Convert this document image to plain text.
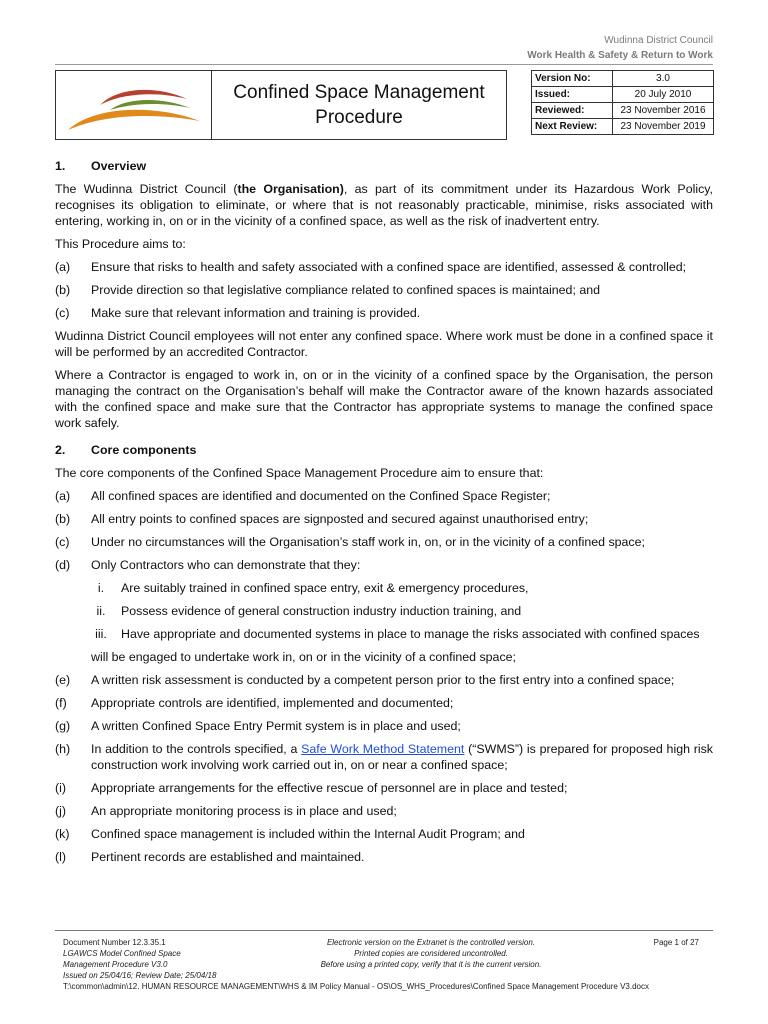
Wudinna District Council
Work Health & Safety & Return to Work
Confined Space Management
Procedure
Version No:	3.0
Issued:	20 July 2010
Reviewed:	23 November 2016
Next Review:	23 November 2019
1.	Overview

The Wudinna District Council (the Organisation), as part of its commitment under its Hazardous Work Policy, recognises its obligation to eliminate, or where that is not reasonably practicable, minimise, risks associated with entering, working in, on or in the vicinity of a confined space, as well as the risk of inadvertent entry.

This Procedure aims to:

(a)	Ensure that risks to health and safety associated with a confined space are identified, assessed & controlled;
(b)	Provide direction so that legislative compliance related to confined spaces is maintained; and
(c)	Make sure that relevant information and training is provided.

Wudinna District Council employees will not enter any confined space. Where work must be done in a confined space it will be performed by an accredited Contractor.

Where a Contractor is engaged to work in, on or in the vicinity of a confined space by the Organisation, the person managing the contract on the Organisation’s behalf will make the Contractor aware of the known hazards associated with the confined space and make sure that the Contractor has appropriate systems to manage the confined space work safely.

2.	Core components

The core components of the Confined Space Management Procedure aim to ensure that:

(a)	All confined spaces are identified and documented on the Confined Space Register;
(b)	All entry points to confined spaces are signposted and secured against unauthorised entry;
(c)	Under no circumstances will the Organisation’s staff work in, on, or in the vicinity of a confined space;
(d)	Only Contractors who can demonstrate that they:
i.	Are suitably trained in confined space entry, exit & emergency procedures,
ii.	Possess evidence of general construction industry induction training, and
iii.	Have appropriate and documented systems in place to manage the risks associated with confined spaces
will be engaged to undertake work in, on or in the vicinity of a confined space;
(e)	A written risk assessment is conducted by a competent person prior to the first entry into a confined space;
(f)	Appropriate controls are identified, implemented and documented;
(g)	A written Confined Space Entry Permit system is in place and used;
(h)	In addition to the controls specified, a Safe Work Method Statement (“SWMS”) is prepared for proposed high risk construction work involving work carried out in, on or near a confined space;
(i)	Appropriate arrangements for the effective rescue of personnel are in place and tested;
(j)	An appropriate monitoring process is in place and used;
(k)	Confined space management is included within the Internal Audit Program; and
(l)	Pertinent records are established and maintained.
Document Number 12.3.35.1
LGAWCS Model Confined Space
Management Procedure V3.0
Issued on 25/04/16; Review Date; 25/04/18
Electronic version on the Extranet is the controlled version.
Printed copies are considered uncontrolled.
Before using a printed copy, verify that it is the current version.
Page 1 of 27
T:\common\admin\12. HUMAN RESOURCE MANAGEMENT\WHS & IM Policy Manual - OS\OS_WHS_Procedures\Confined Space Management Procedure V3.docx
